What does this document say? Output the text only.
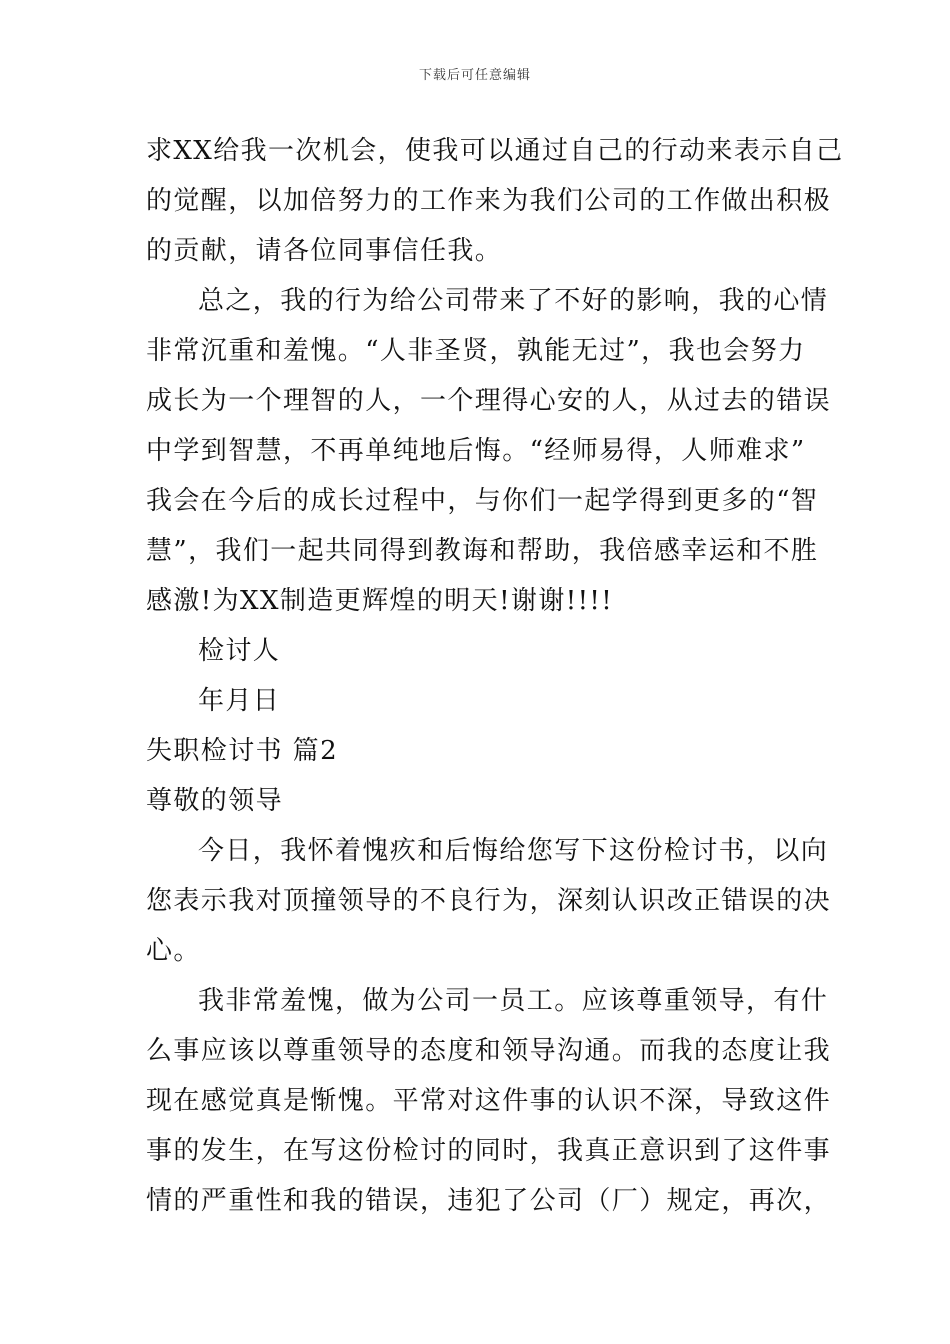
下载后可任意编辑
求XX给我一次机会，使我可以通过自己的行动来表示自己
的觉醒，以加倍努力的工作来为我们公司的工作做出积极
的贡献，请各位同事信任我。
总之，我的行为给公司带来了不好的影响，我的心情
非常沉重和羞愧。“人非圣贤，孰能无过”，我也会努力
成长为一个理智的人，一个理得心安的人，从过去的错误
中学到智慧，不再单纯地后悔。“经师易得，人师难求”
我会在今后的成长过程中，与你们一起学得到更多的“智
慧”，我们一起共同得到教诲和帮助，我倍感幸运和不胜
感激!为XX制造更辉煌的明天!谢谢!!!!
检讨人
年月日
失职检讨书 篇2
尊敬的领导
今日，我怀着愧疚和后悔给您写下这份检讨书，以向
您表示我对顶撞领导的不良行为，深刻认识改正错误的决
心。
我非常羞愧，做为公司一员工。应该尊重领导，有什
么事应该以尊重领导的态度和领导沟通。而我的态度让我
现在感觉真是惭愧。平常对这件事的认识不深，导致这件
事的发生，在写这份检讨的同时，我真正意识到了这件事
情的严重性和我的错误，违犯了公司（厂）规定，再次，
